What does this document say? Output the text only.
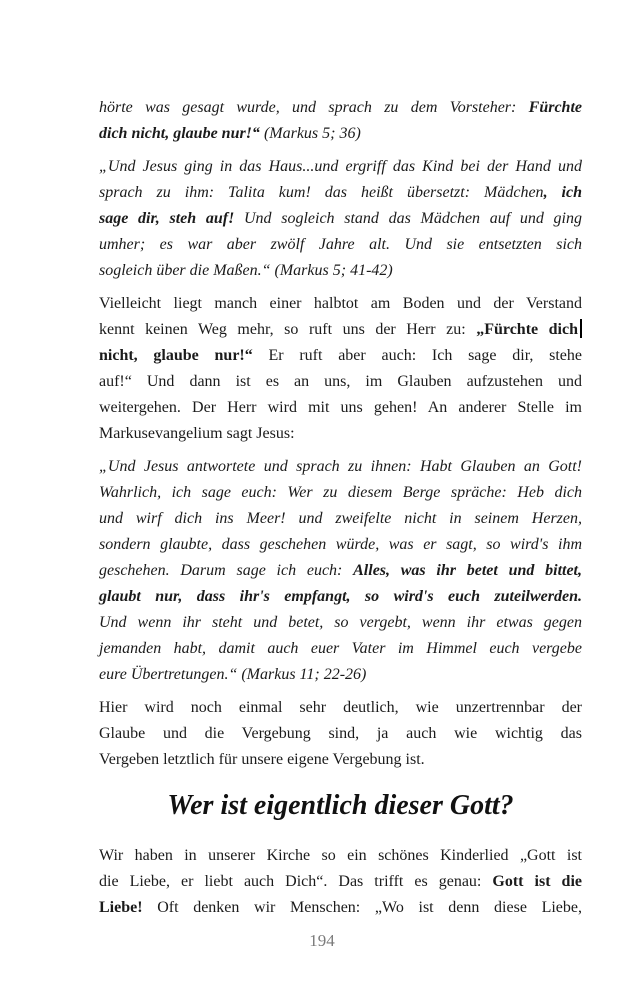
hörte was gesagt wurde, und sprach zu dem Vorsteher: Fürchte
dich nicht, glaube nur!“ (Markus 5; 36)
„Und Jesus ging in das Haus...und ergriff das Kind bei der Hand und
sprach zu ihm: Talita kum! das heißt übersetzt: Mädchen, ich
sage dir, steh auf! Und sogleich stand das Mädchen auf und ging
umher; es war aber zwölf Jahre alt. Und sie entsetzten sich
sogleich über die Maßen.“ (Markus 5; 41-42)
Vielleicht liegt manch einer halbtot am Boden und der Verstand
kennt keinen Weg mehr, so ruft uns der Herr zu: „Fürchte dich
nicht, glaube nur!“ Er ruft aber auch: Ich sage dir, stehe
auf!“ Und dann ist es an uns, im Glauben aufzustehen und
weitergehen. Der Herr wird mit uns gehen! An anderer Stelle im
Markusevangelium sagt Jesus:
„Und Jesus antwortete und sprach zu ihnen: Habt Glauben an Gott!
Wahrlich, ich sage euch: Wer zu diesem Berge spräche: Heb dich
und wirf dich ins Meer! und zweifelte nicht in seinem Herzen,
sondern glaubte, dass geschehen würde, was er sagt, so wird's ihm
geschehen. Darum sage ich euch: Alles, was ihr betet und bittet,
glaubt nur, dass ihr's empfangt, so wird's euch zuteilwerden.
Und wenn ihr steht und betet, so vergebt, wenn ihr etwas gegen
jemanden habt, damit auch euer Vater im Himmel euch vergebe
eure Übertretungen.“ (Markus 11; 22-26)
Hier wird noch einmal sehr deutlich, wie unzertrennbar der
Glaube und die Vergebung sind, ja auch wie wichtig das
Vergeben letztlich für unsere eigene Vergebung ist.
Wer ist eigentlich dieser Gott?
Wir haben in unserer Kirche so ein schönes Kinderlied „Gott ist
die Liebe, er liebt auch Dich“. Das trifft es genau: Gott ist die
Liebe! Oft denken wir Menschen: „Wo ist denn diese Liebe,
194
